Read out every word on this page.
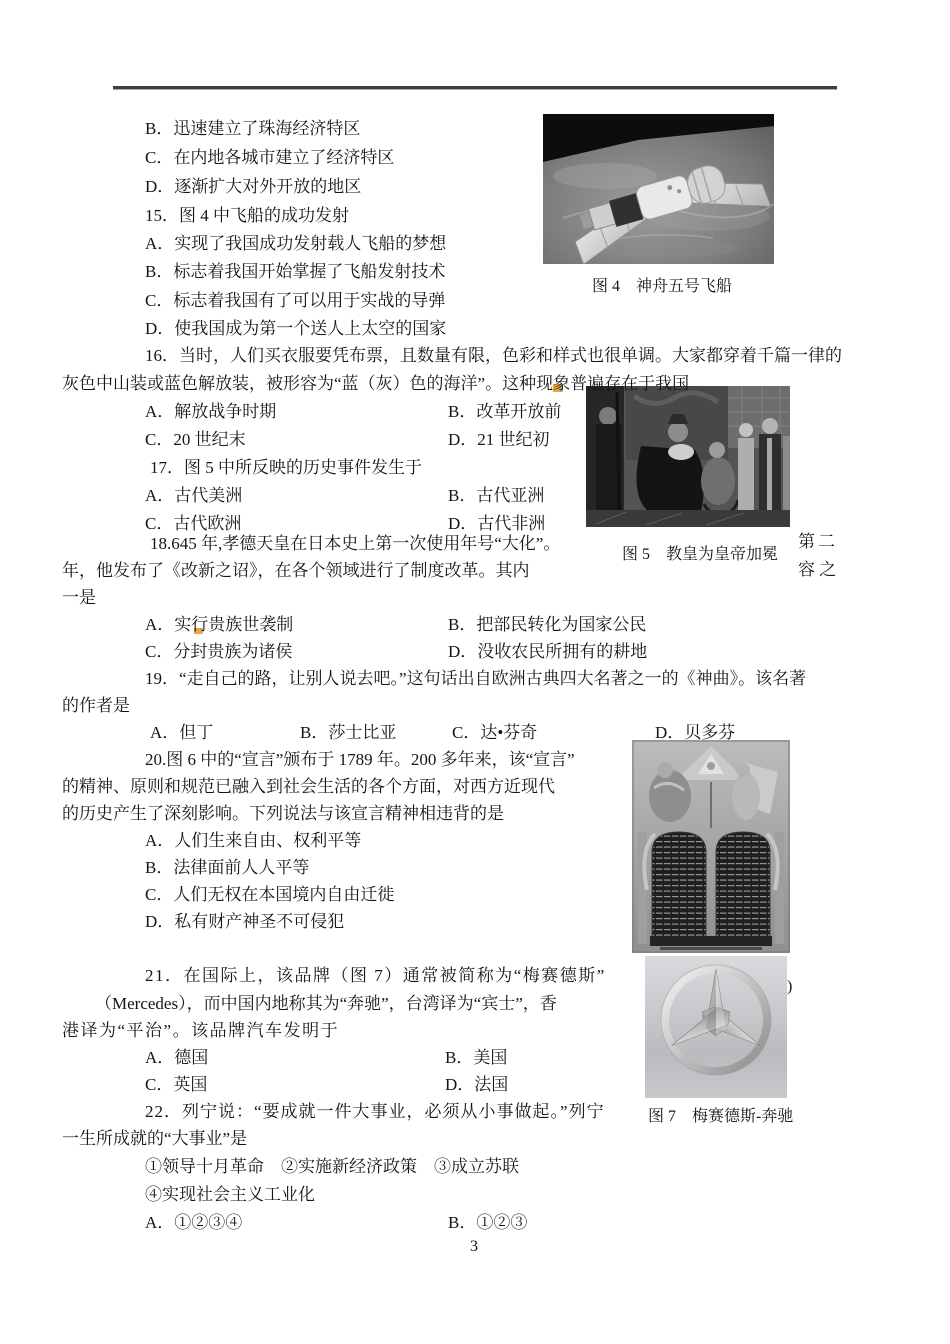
B．迅速建立了珠海经济特区
C．在内地各城市建立了经济特区
D．逐渐扩大对外开放的地区
15．图 4 中飞船的成功发射
A．实现了我国成功发射载人飞船的梦想
B．标志着我国开始掌握了飞船发射技术
C．标志着我国有了可以用于实战的导弹
D．使我国成为第一个送人上太空的国家
16．当时，人们买衣服要凭布票，且数量有限，色彩和样式也很单调。大家都穿着千篇一律的
灰色中山装或蓝色解放装，被形容为“蓝（灰）色的海洋”。这种现象普遍存在于我国
A．解放战争时期	B．改革开放前
C．20 世纪末	D．21 世纪初
17．图 5 中所反映的历史事件发生于
A．古代美洲	B．古代亚洲
C．古代欧洲	D．古代非洲
18.645 年,孝德天皇在日本史上第一次使用年号“大化”。	第二
年，他发布了《改新之诏》，在各个领域进行了制度改革。其内	容 之
一是
A．实行贵族世袭制	B．把部民转化为国家公民
C．分封贵族为诸侯	D．没收农民所拥有的耕地
19．“走自己的路，让别人说去吧。”这句话出自欧洲古典四大名著之一的《神曲》。该名著
的作者是
A．但丁	B．莎士比亚	C．达•芬奇	D．贝多芬
20.图 6 中的“宣言”颁布于 1789 年。200 多年来，该“宣言”
的精神、原则和规范已融入到社会生活的各个方面，对西方近现代
的历史产生了深刻影响。下列说法与该宣言精神相违背的是
A．人们生来自由、权利平等
B．法律面前人人平等
C．人们无权在本国境内自由迁徙
D．私有财产神圣不可侵犯
21．在国际上，该品牌（图 7）通常被简称为“梅赛德斯”
（Mercedes），而中国内地称其为“奔驰”，台湾译为“宾士”，香
港译为“平治”。该品牌汽车发明于
A．德国	B．美国
C．英国	D．法国
22．列宁说：“要成就一件大事业，必须从小事做起。”列宁
一生所成就的“大事业”是
①领导十月革命　②实施新经济政策　③成立苏联
④实现社会主义工业化
A．①②③④	B．①②③
图 4　神舟五号飞船
图 5　教皇为皇帝加冕
图 7　梅赛德斯-奔驰
)
3
